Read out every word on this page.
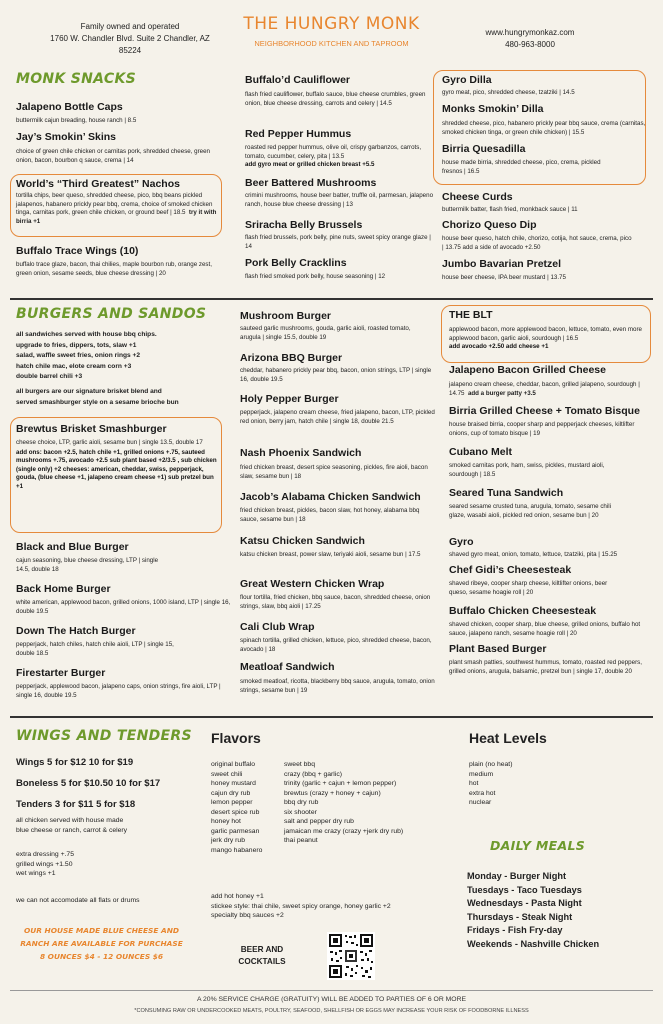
Family owned and operated
1760 W. Chandler Blvd. Suite 2 Chandler, AZ 85224
THE HUNGRY MONK
NEIGHBORHOOD KITCHEN AND TAPROOM
www.hungrymonkaz.com
480-963-8000
MONK SNACKS
Jalapeno Bottle Caps
buttermilk cajun breading, house ranch | 8.5
Jay’s Smokin’ Skins
choice of green chile chicken or carnitas pork, shredded cheese, green onion, bacon, bourbon q sauce, crema | 14
World’s “Third Greatest” Nachos
tortilla chips, beer queso, shredded cheese, pico, bbq beans pickled jalapenos, habanero prickly pear bbq, crema, choice of smoked chicken tinga, carnitas pork, green chile chicken, or ground beef | 18.5 try it with birria +1
Buffalo Trace Wings (10)
buffalo trace glaze, bacon, thai chilies, maple bourbon rub, orange zest, green onion, sesame seeds, blue cheese dressing | 20
Buffalo’d Cauliflower
flash fried cauliflower, buffalo sauce, blue cheese crumbles, green onion, blue cheese dressing, carrots and celery | 14.5
Red Pepper Hummus
roasted red pepper hummus, olive oil, crispy garbanzos, carrots, tomato, cucumber, celery, pita | 13.5
add gyro meat or grilled chicken breast +5.5
Beer Battered Mushrooms
crimini mushrooms, house beer batter, truffle oil, parmesan, jalapeno ranch, house blue cheese dressing | 13
Sriracha Belly Brussels
flash fried brussels, pork belly, pine nuts, sweet spicy orange glaze | 14
Pork Belly Cracklins
flash fried smoked pork belly, house seasoning | 12
Gyro Dilla
gyro meat, pico, shredded cheese, tzatziki | 14.5
Monks Smokin’ Dilla
shredded cheese, pico, habanero prickly pear bbq sauce, crema (carnitas, smoked chicken tinga, or green chile chicken) | 15.5
Birria Quesadilla
house made birria, shredded cheese, pico, crema, pickled fresnos | 16.5
Cheese Curds
buttermilk batter, flash fried, monkback sauce | 11
Chorizo Queso Dip
house beer queso, hatch chile, chorizo, cotija, hot sauce, crema, pico | 13.75 add a side of avocado +2.50
Jumbo Bavarian Pretzel
house beer cheese, IPA beer mustard | 13.75
BURGERS AND SANDOS
all sandwiches served with house bbq chips.
upgrade to fries, dippers, tots, slaw +1
salad, waffle sweet fries, onion rings +2
hatch chile mac, elote cream corn +3
double barrel chili +3
all burgers are our signature brisket blend and
served smashburger style on a sesame brioche bun
Brewtus Brisket Smashburger
cheese choice, LTP, garlic aioli, sesame bun | single 13.5, double 17
add ons: bacon +2.5, hatch chile +1, grilled onions +.75, sauteed mushrooms +.75, avocado +2.5 sub plant based +2/3.5 , sub chicken (single only) +2 cheeses: american, cheddar, swiss, pepperjack, gouda, (blue cheese +1, jalapeno cream cheese +1) sub pretzel bun +1
Black and Blue Burger
cajun seasoning, blue cheese dressing, LTP | single 14.5, double 18
Back Home Burger
white american, applewood bacon, grilled onions, 1000 island, LTP | single 16, double 19.5
Down The Hatch Burger
pepperjack, hatch chiles, hatch chile aioli, LTP | single 15, double 18.5
Firestarter Burger
pepperjack, applewood bacon, jalapeno caps, onion strings, fire aioli, LTP | single 16, double 19.5
Mushroom Burger
sauteed garlic mushrooms, gouda, garlic aioli, roasted tomato, arugula | single 15.5, double 19
Arizona BBQ Burger
cheddar, habanero prickly pear bbq, bacon, onion strings, LTP | single 16, double 19.5
Holy Pepper Burger
pepperjack, jalapeno cream cheese, fried jalapeno, bacon, LTP, pickled red onion, berry jam, hatch chile | single 18, double 21.5
Nash Phoenix Sandwich
fried chicken breast, desert spice seasoning, pickles, fire aioli, bacon slaw, sesame bun | 18
Jacob’s Alabama Chicken Sandwich
fried chicken breast, pickles, bacon slaw, hot honey, alabama bbq sauce, sesame bun | 18
Katsu Chicken Sandwich
katsu chicken breast, power slaw, teriyaki aioli, sesame bun | 17.5
Great Western Chicken Wrap
flour tortilla, fried chicken, bbq sauce, bacon, shredded cheese, onion strings, slaw, bbq aioli | 17.25
Cali Club Wrap
spinach tortilla, grilled chicken, lettuce, pico, shredded cheese, bacon, avocado | 18
Meatloaf Sandwich
smoked meatloaf, ricotta, blackberry bbq sauce, arugula, tomato, onion strings, sesame bun | 19
THE BLT
applewood bacon, more applewood bacon, lettuce, tomato, even more applewood bacon, garlic aioli, sourdough | 16.5
add avocado +2.50 add cheese +1
Jalapeno Bacon Grilled Cheese
jalapeno cream cheese, cheddar, bacon, grilled jalapeno, sourdough | 14.75 add a burger patty +3.5
Birria Grilled Cheese + Tomato Bisque
house braised birria, cooper sharp and pepperjack cheeses, kiltlifter onions, cup of tomato bisque | 19
Cubano Melt
smoked carnitas pork, ham, swiss, pickles, mustard aioli, sourdough | 18.5
Seared Tuna Sandwich
seared sesame crusted tuna, arugula, tomato, sesame chili glaze, wasabi aioli, pickled red onion, sesame bun | 20
Gyro
shaved gyro meat, onion, tomato, lettuce, tzatziki, pita | 15.25
Chef Gidi’s Cheesesteak
shaved ribeye, cooper sharp cheese, kiltlifter onions, beer queso, sesame hoagie roll | 20
Buffalo Chicken Cheesesteak
shaved chicken, cooper sharp, blue cheese, grilled onions, buffalo hot sauce, jalapeno ranch, sesame hoagie roll | 20
Plant Based Burger
plant smash patties, southwest hummus, tomato, roasted red peppers, grilled onions, arugula, balsamic, pretzel bun | single 17, double 20
WINGS AND TENDERS
Wings 5 for $12 10 for $19
Boneless 5 for $10.50 10 for $17
Tenders 3 for $11 5 for $18
all chicken served with house made
blue cheese or ranch, carrot & celery
extra dressing +.75
grilled wings +1.50
wet wings +1
we can not accomodate all flats or drums
OUR HOUSE MADE BLUE CHEESE AND
RANCH ARE AVAILABLE FOR PURCHASE
8 OUNCES $4 - 12 OUNCES $6
Flavors
original buffalo
sweet chili
honey mustard
cajun dry rub
lemon pepper
desert spice rub
honey hot
garlic parmesan
jerk dry rub
mango habanero
sweet bbq
crazy (bbq + garlic)
trinity (garlic + cajun + lemon pepper)
brewtus (crazy + honey + cajun)
bbq dry rub
six shooter
salt and pepper dry rub
jamaican me crazy (crazy +jerk dry rub)
thai peanut
add hot honey +1
stickee style: thai chile, sweet spicy orange, honey garlic +2
specialty bbq sauces +2
BEER AND
COCKTAILS
Heat Levels
plain (no heat)
medium
hot
extra hot
nuclear
DAILY MEALS
Monday - Burger Night
Tuesdays - Taco Tuesdays
Wednesdays - Pasta Night
Thursdays - Steak Night
Fridays - Fish Fry-day
Weekends - Nashville Chicken
A 20% SERVICE CHARGE (GRATUITY) WILL BE ADDED TO PARTIES OF 6 OR MORE
*CONSUMING RAW OR UNDERCOOKED MEATS, POULTRY, SEAFOOD, SHELLFISH OR EGGS MAY INCREASE YOUR RISK OF FOODBORNE ILLNESS
